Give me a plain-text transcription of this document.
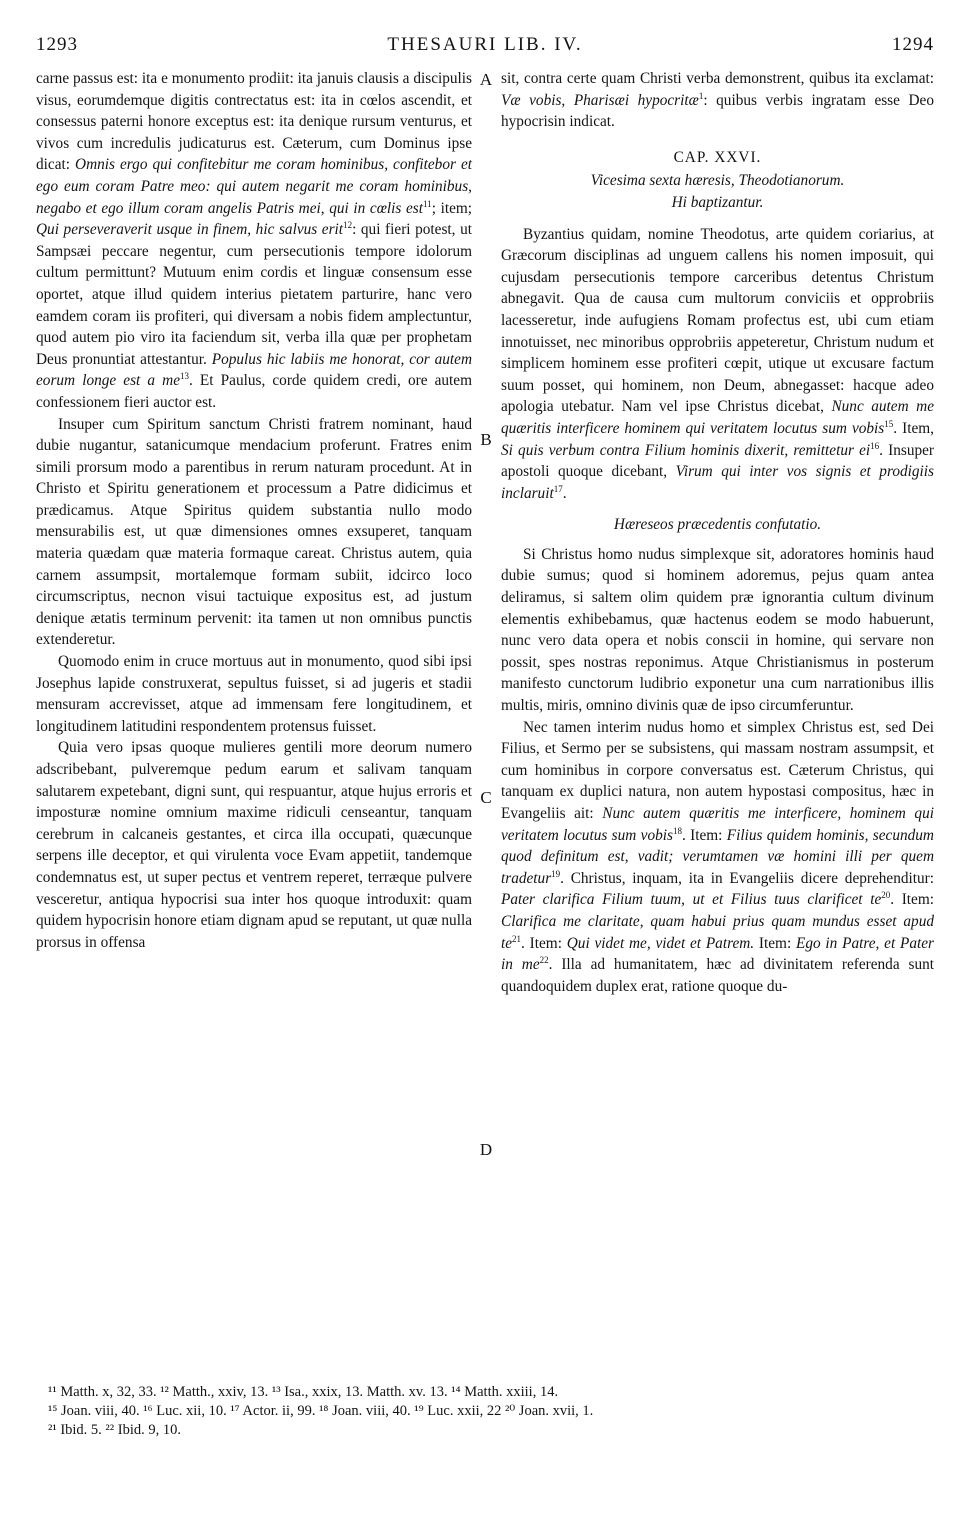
1293	THESAURI LIB. IV.	1294
A
B
C
D

carne passus est: ita e monumento prodiit: ita januis clausis a discipulis visus, eorumdemque digitis contrectatus est: ita in cœlos ascendit, et consessus paterni honore exceptus est: ita denique rursum venturus, et vivos cum incredulis judicaturus est. Cæterum, cum Dominus ipse dicat: Omnis ergo qui confitebitur me coram hominibus, confitebor et ego eum coram Patre meo: qui autem negarit me coram hominibus, negabo et ego illum coram angelis Patris mei, qui in cœlis est$^{11}$; item; Qui perseveraverit usque in finem, hic salvus erit$^{12}$: qui fieri potest, ut Sampsæi peccare negentur, cum persecutionis tempore idolorum cultum permittunt? Mutuum enim cordis et linguæ consensum esse oportet, atque illud quidem interius pietatem parturire, hanc vero eamdem coram iis profiteri, qui diversam a nobis fidem amplectuntur, quod autem pio viro ita faciendum sit, verba illa quæ per prophetam Deus pronuntiat attestantur. Populus hic labiis me honorat, cor autem eorum longe est a $me^{13}$. Et Paulus, corde quidem credi, ore autem confessionem fieri auctor est.

Insuper cum Spiritum sanctum Christi fratrem nominant, haud dubie nugantur, satanicumque mendacium proferunt. Fratres enim simili prorsum modo a parentibus in rerum naturam procedunt. At in Christo et Spiritu generationem et processum a Patre didicimus et prædicamus. Atque Spiritus quidem substantia nullo modo mensurabilis est, ut quæ dimensiones omnes exsuperet, tanquam materia quædam quæ materia formaque careat. Christus autem, quia carnem assumpsit, mortalemque formam subiit, idcirco loco circumscriptus, necnon visui tactuique expositus est, ad justum denique ætatis terminum pervenit: ita tamen ut non omnibus punctis extenderetur.

Quomodo enim in cruce mortuus aut in monumento, quod sibi ipsi Josephus lapide construxerat, sepultus fuisset, si ad jugeris et stadii mensuram accrevisset, atque ad immensam fere longitudinem, et longitudinem latitudini respondentem protensus fuisset.

Quia vero ipsas quoque mulieres gentili more deorum numero adscribebant, pulveremque pedum earum et salivam tanquam salutarem expetebant, digni sunt, qui respuantur, atque hujus erroris et imposturæ nomine omnium maxime ridiculi censeantur, tanquam cerebrum in calcaneis gestantes, et circa illa occupati, quæcunque serpens ille deceptor, et qui virulenta voce Evam appetiit, tandemque condemnatus est, ut super pectus et ventrem reperet, terræque pulvere vesceretur, antiqua hypocrisi sua inter hos quoque introduxit: quam quidem hypocrisin honore etiam dignam apud se reputant, ut quæ nulla prorsus in offensa

sit, contra certe quam Christi verba demonstrent, quibus ita exclamat: Væ vobis, Pharisæi hypocritæ$^1$: quibus verbis ingratam esse Deo hypocrisin indicat.

CAP. XXVI.
Vicesima sexta hæresis, Theodotianorum.
Hi baptizantur.

Byzantius quidam, nomine Theodotus, arte quidem coriarius, at Græcorum disciplinas ad unguem callens his nomen imposuit, qui cujusdam persecutionis tempore carceribus detentus Christum abnegavit. Qua de causa cum multorum conviciis et opprobriis lacesseretur, inde aufugiens Romam profectus est, ubi cum etiam innotuisset, nec minoribus opprobriis appeteretur, Christum nudum et simplicem hominem esse profiteri cœpit, utique ut excusare factum suum posset, qui hominem, non Deum, abnegasset: hacque adeo apologia utebatur. Nam vel ipse Christus dicebat, Nunc autem me quæritis interficere hominem qui veritatem locutus sum vobis$^{15}$. Item, Si quis verbum contra Filium hominis dixerit, remittetur $ei^{16}$. Insuper apostoli quoque dicebant, Virum qui inter vos signis et prodigiis inclaruit$^{17}$.

Hæreseos præcedentis confutatio.

Si Christus homo nudus simplexque sit, adoratores hominis haud dubie sumus; quod si hominem adoremus, pejus quam antea deliramus, si saltem olim quidem præ ignorantia cultum divinum elementis exhibebamus, quæ hactenus eodem se modo habuerunt, nunc vero data opera et nobis conscii in homine, qui servare non possit, spes nostras reponimus. Atque Christianismus in posterum manifesto cunctorum ludibrio exponetur una cum narrationibus illis multis, miris, omnino divinis quæ de ipso circumferuntur.

Nec tamen interim nudus homo et simplex Christus est, sed Dei Filius, et Sermo per se subsistens, qui massam nostram assumpsit, et cum hominibus in corpore conversatus est. Cæterum Christus, qui tanquam ex duplici natura, non autem hypostasi compositus, hæc in Evangeliis ait: Nunc autem quæritis me interficere, hominem qui veritatem locutus sum vobis$^{18}$. Item: Filius quidem hominis, secundum quod definitum est, vadit; verumtamen væ homini illi per quem tradetur$^{19}$. Christus, inquam, ita in Evangeliis dicere deprehenditur: Pater clarifica Filium tuum, ut et Filius tuus clarificet $te^{20}$. Item: Clarifica me claritate, quam habui prius quam mundus esset apud $te^{21}$. Item: Qui videt me, videt et Patrem. Item: Ego in Patre, et Pater in $me^{22}$. Illa ad humanitatem, hæc ad divinitatem referenda sunt quandoquidem duplex erat, ratione quoque du-

¹¹ Matth. x, 32, 33. ¹² Matth., xxiv, 13. ¹³ Isa., xxix, 13. Matth. xv. 13. ¹⁴ Matth. xxiii, 14.
¹⁵ Joan. viii, 40. ¹⁶ Luc. xii, 10. ¹⁷ Actor. ii, 99. ¹⁸ Joan. viii, 40. ¹⁹ Luc. xxii, 22 ²⁰ Joan. xvii, 1.
²¹ Ibid. 5. ²² Ibid. 9, 10.
